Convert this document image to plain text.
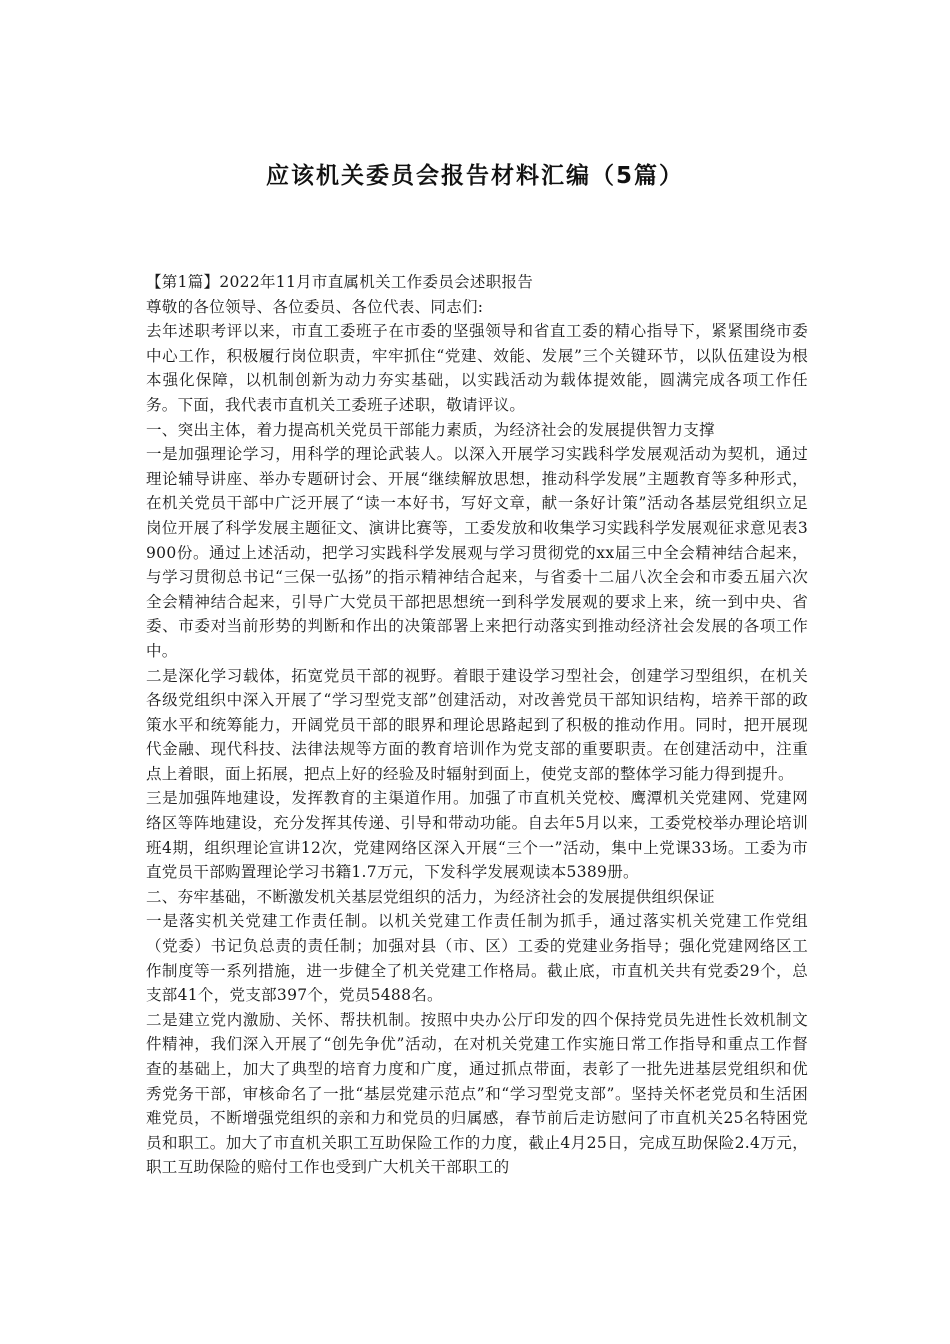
应该机关委员会报告材料汇编（5篇）

【第1篇】2022年11月市直属机关工作委员会述职报告

尊敬的各位领导、各位委员、各位代表、同志们:

去年述职考评以来，市直工委班子在市委的坚强领导和省直工委的精心指导下，紧紧围绕市委中心工作，积极履行岗位职责，牢牢抓住“党建、效能、发展”三个关键环节，以队伍建设为根本强化保障，以机制创新为动力夯实基础，以实践活动为载体提效能，圆满完成各项工作任务。下面，我代表市直机关工委班子述职，敬请评议。

一、突出主体，着力提高机关党员干部能力素质，为经济社会的发展提供智力支撑

一是加强理论学习，用科学的理论武装人。以深入开展学习实践科学发展观活动为契机，通过理论辅导讲座、举办专题研讨会、开展“继续解放思想，推动科学发展”主题教育等多种形式，在机关党员干部中广泛开展了“读一本好书，写好文章，献一条好计策”活动各基层党组织立足岗位开展了科学发展主题征文、演讲比赛等，工委发放和收集学习实践科学发展观征求意见表3900份。通过上述活动，把学习实践科学发展观与学习贯彻党的xx届三中全会精神结合起来，与学习贯彻总书记“三保一弘扬”的指示精神结合起来，与省委十二届八次全会和市委五届六次全会精神结合起来，引导广大党员干部把思想统一到科学发展观的要求上来，统一到中央、省委、市委对当前形势的判断和作出的决策部署上来把行动落实到推动经济社会发展的各项工作中。

二是深化学习载体，拓宽党员干部的视野。着眼于建设学习型社会，创建学习型组织，在机关各级党组织中深入开展了“学习型党支部”创建活动，对改善党员干部知识结构，培养干部的政策水平和统筹能力，开阔党员干部的眼界和理论思路起到了积极的推动作用。同时，把开展现代金融、现代科技、法律法规等方面的教育培训作为党支部的重要职责。在创建活动中，注重点上着眼，面上拓展，把点上好的经验及时辐射到面上，使党支部的整体学习能力得到提升。

三是加强阵地建设，发挥教育的主渠道作用。加强了市直机关党校、鹰潭机关党建网、党建网络区等阵地建设，充分发挥其传递、引导和带动功能。自去年5月以来，工委党校举办理论培训班4期，组织理论宣讲12次，党建网络区深入开展“三个一”活动，集中上党课33场。工委为市直党员干部购置理论学习书籍1.7万元，下发科学发展观读本5389册。

二、夯牢基础，不断激发机关基层党组织的活力，为经济社会的发展提供组织保证

一是落实机关党建工作责任制。以机关党建工作责任制为抓手，通过落实机关党建工作党组（党委）书记负总责的责任制；加强对县（市、区）工委的党建业务指导；强化党建网络区工作制度等一系列措施，进一步健全了机关党建工作格局。截止底，市直机关共有党委29个，总支部41个，党支部397个，党员5488名。

二是建立党内激励、关怀、帮扶机制。按照中央办公厅印发的四个保持党员先进性长效机制文件精神，我们深入开展了“创先争优”活动，在对机关党建工作实施日常工作指导和重点工作督查的基础上，加大了典型的培育力度和广度，通过抓点带面，表彰了一批先进基层党组织和优秀党务干部，审核命名了一批“基层党建示范点”和“学习型党支部”。坚持关怀老党员和生活困难党员，不断增强党组织的亲和力和党员的归属感，春节前后走访慰问了市直机关25名特困党员和职工。加大了市直机关职工互助保险工作的力度，截止4月25日，完成互助保险2.4万元，职工互助保险的赔付工作也受到广大机关干部职工的
